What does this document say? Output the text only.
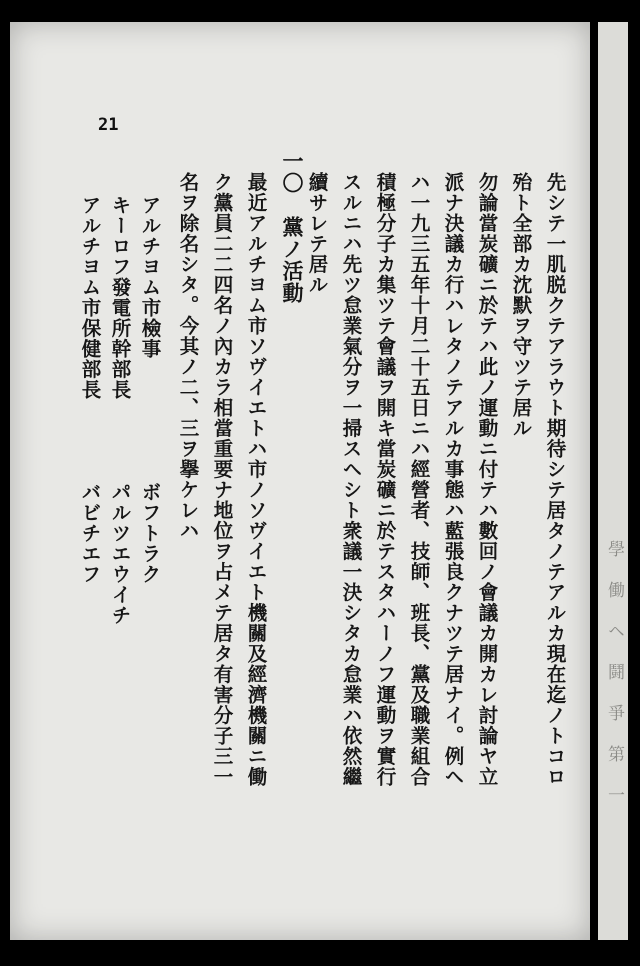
學 働 ヘ 鬪 爭 第 一
21
先シテ一肌脱クテアラウト期待シテ居タノテアルカ現在迄ノトコロ
殆ト全部カ沈默ヲ守ツテ居ル
勿論當炭礦ニ於テハ此ノ運動ニ付テハ數回ノ會議カ開カレ討論ヤ立
派ナ決議カ行ハレタノテアルカ事態ハ藍張良クナツテ居ナイ。例ヘ
ハ一九三五年十月二十五日ニハ經營者、技師、班長、黨及職業組合
積極分子カ集ツテ會議ヲ開キ當炭礦ニ於テスタハーノフ運動ヲ實行
スルニハ先ツ怠業氣分ヲ一掃スヘシト衆議一決シタカ怠業ハ依然繼
續サレテ居ル
一〇　黨ノ活動
最近アルチヨム市ソヴイエトハ市ノソヴイエト機關及經濟機關ニ働
ク黨員二二四名ノ內カラ相當重要ナ地位ヲ占メテ居タ有害分子三一
名ヲ除名シタ。今其ノ二、三ヲ擧ケレハ
アルチヨム市檢事　　　　　　ボフトラク
キーロフ發電所幹部長　　　　パルツエウイチ
アルチヨム市保健部長　　　　バビチエフ
